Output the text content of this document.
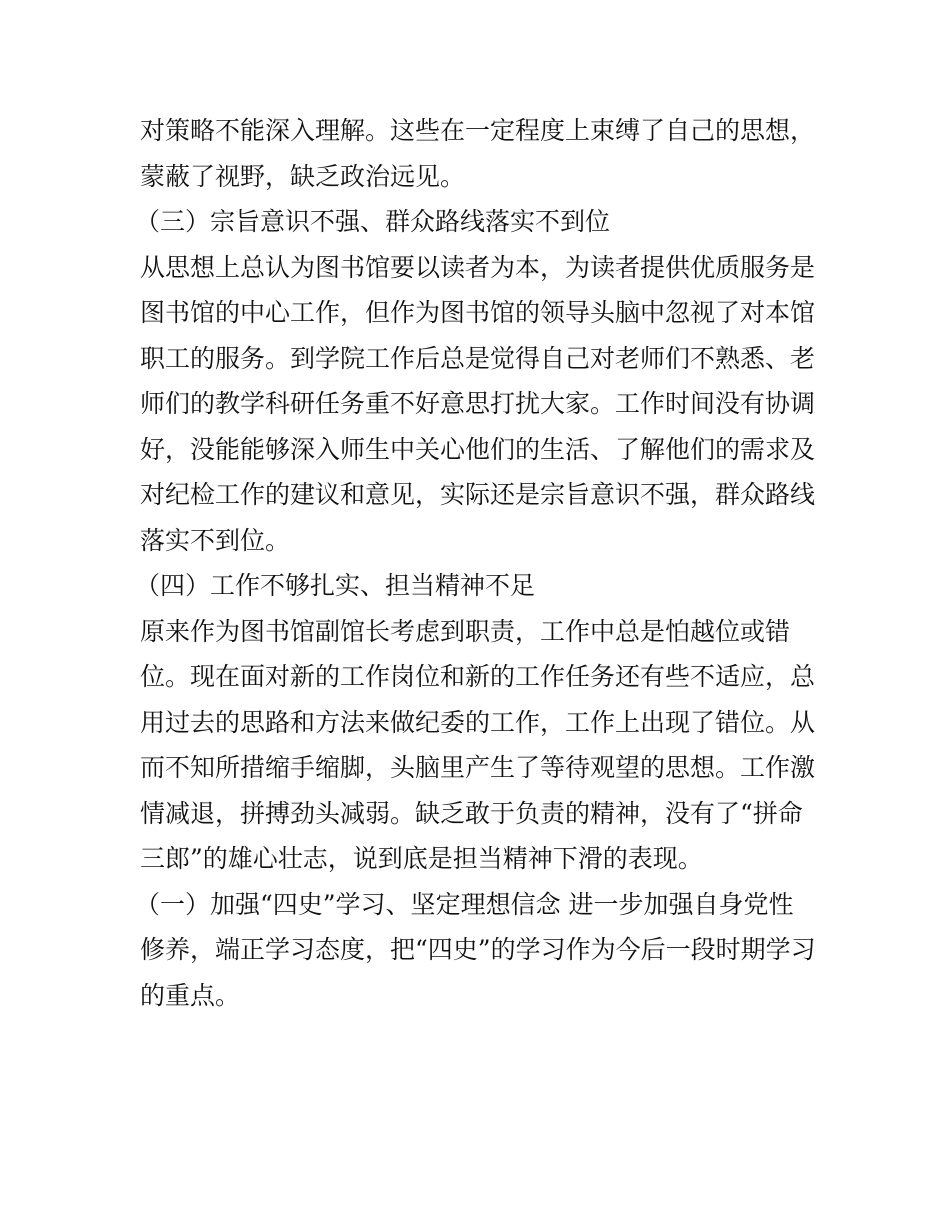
对策略不能深入理解。这些在一定程度上束缚了自己的思想，

蒙蔽了视野，缺乏政治远见。

（三）宗旨意识不强、群众路线落实不到位

从思想上总认为图书馆要以读者为本，为读者提供优质服务是

图书馆的中心工作，但作为图书馆的领导头脑中忽视了对本馆

职工的服务。到学院工作后总是觉得自己对老师们不熟悉、老

师们的教学科研任务重不好意思打扰大家。工作时间没有协调

好，没能能够深入师生中关心他们的生活、了解他们的需求及

对纪检工作的建议和意见，实际还是宗旨意识不强，群众路线

落实不到位。

（四）工作不够扎实、担当精神不足

原来作为图书馆副馆长考虑到职责，工作中总是怕越位或错

位。现在面对新的工作岗位和新的工作任务还有些不适应，总

用过去的思路和方法来做纪委的工作，工作上出现了错位。从

而不知所措缩手缩脚，头脑里产生了等待观望的思想。工作激

情减退，拼搏劲头减弱。缺乏敢于负责的精神，没有了“拼命

三郎”的雄心壮志，说到底是担当精神下滑的表现。

（一）加强“四史”学习、坚定理想信念 进一步加强自身党性

修养，端正学习态度，把“四史”的学习作为今后一段时期学习

的重点。
